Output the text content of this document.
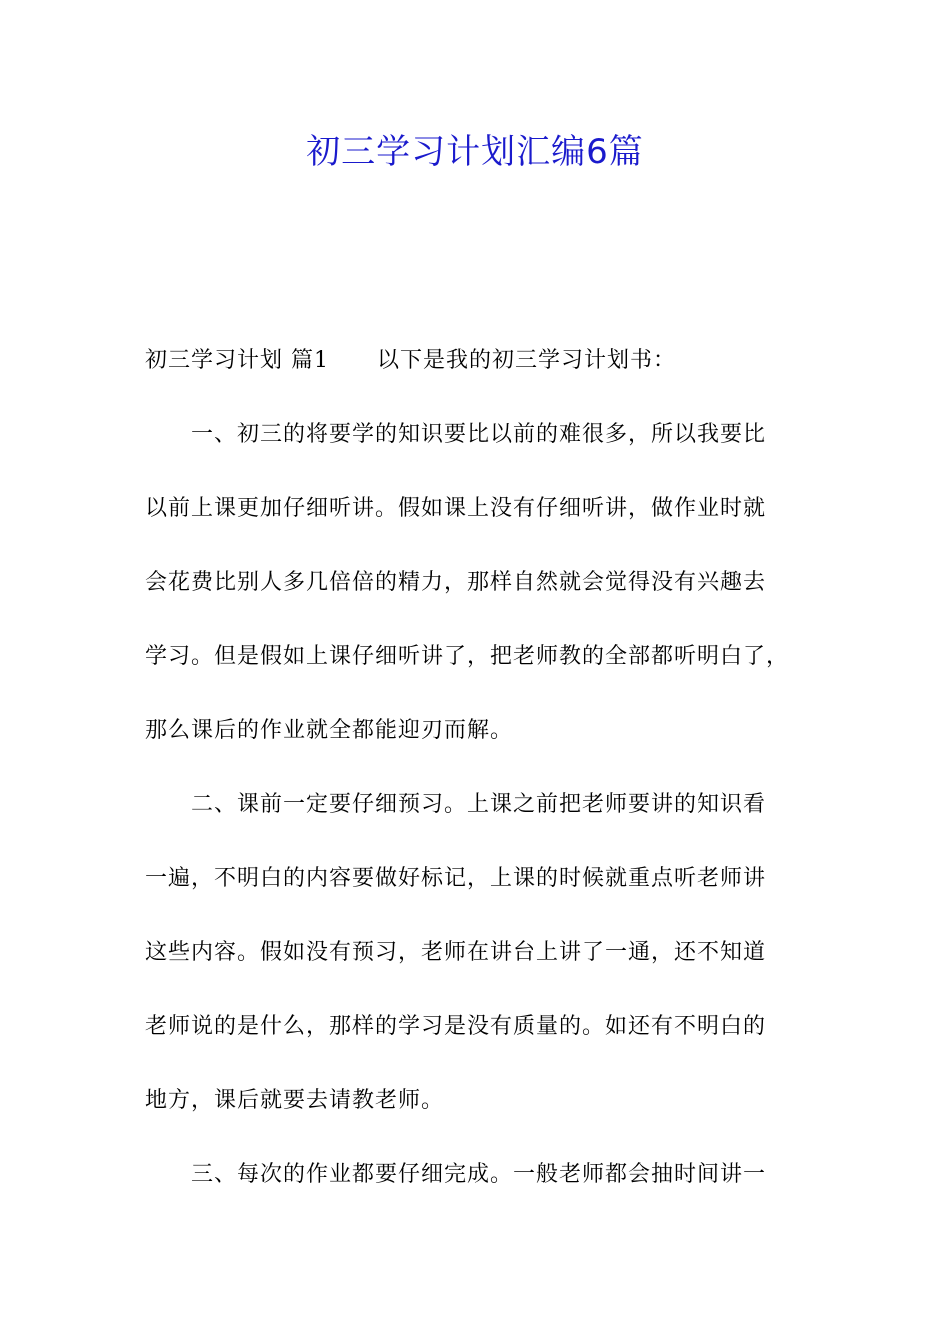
初三学习计划汇编6篇
初三学习计划 篇1 以下是我的初三学习计划书：
一、初三的将要学的知识要比以前的难很多，所以我要比
以前上课更加仔细听讲。假如课上没有仔细听讲，做作业时就
会花费比别人多几倍倍的精力，那样自然就会觉得没有兴趣去
学习。但是假如上课仔细听讲了，把老师教的全部都听明白了，
那么课后的作业就全都能迎刃而解。
二、课前一定要仔细预习。上课之前把老师要讲的知识看
一遍，不明白的内容要做好标记，上课的时候就重点听老师讲
这些内容。假如没有预习，老师在讲台上讲了一通，还不知道
老师说的是什么，那样的学习是没有质量的。如还有不明白的
地方，课后就要去请教老师。
三、每次的作业都要仔细完成。一般老师都会抽时间讲一
